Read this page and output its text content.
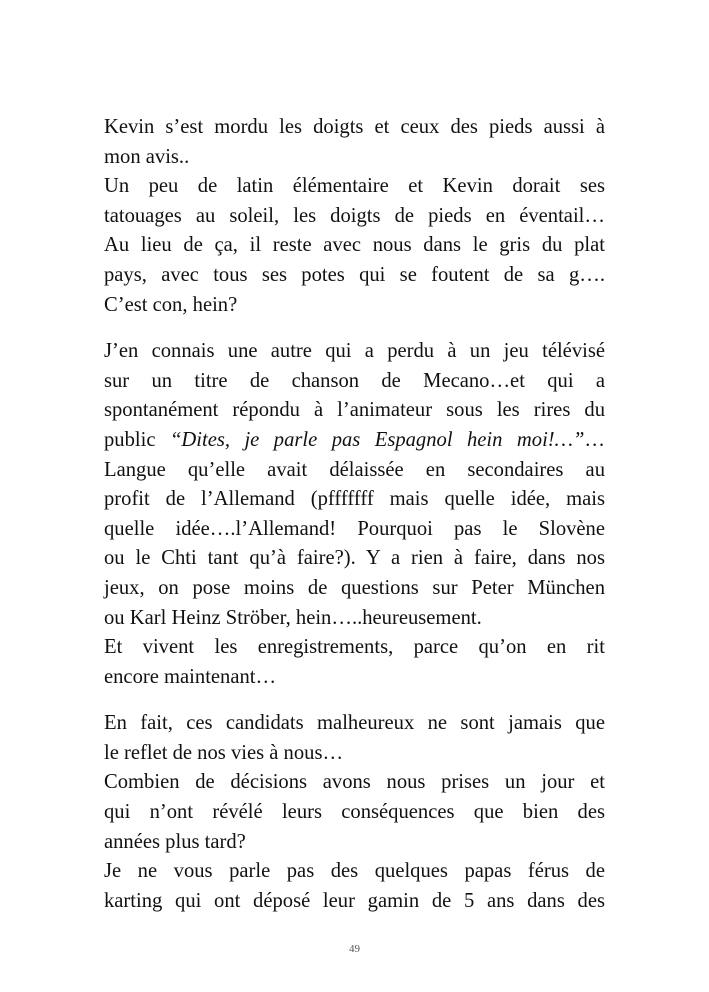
Kevin s’est mordu les doigts et ceux des pieds aussi à
mon avis..
Un peu de latin élémentaire et Kevin dorait ses
tatouages au soleil, les doigts de pieds en éventail…
Au lieu de ça, il reste avec nous dans le gris du plat
pays, avec tous ses potes qui se foutent de sa g….
C’est con, hein?

J’en connais une autre qui a perdu à un jeu télévisé
sur un titre de chanson de Mecano…et qui a
spontanément répondu à l’animateur sous les rires du
public “Dites, je parle pas Espagnol hein moi!…”…
Langue qu’elle avait délaissée en secondaires au
profit de l’Allemand (pfffffff mais quelle idée, mais
quelle idée….l’Allemand! Pourquoi pas le Slovène
ou le Chti tant qu’à faire?). Y a rien à faire, dans nos
jeux, on pose moins de questions sur Peter München
ou Karl Heinz Ströber, hein…..heureusement.
Et vivent les enregistrements, parce qu’on en rit
encore maintenant…

En fait, ces candidats malheureux ne sont jamais que
le reflet de nos vies à nous…
Combien de décisions avons nous prises un jour et
qui n’ont révélé leurs conséquences que bien des
années plus tard?
Je ne vous parle pas des quelques papas férus de
karting qui ont déposé leur gamin de 5 ans dans des

49
